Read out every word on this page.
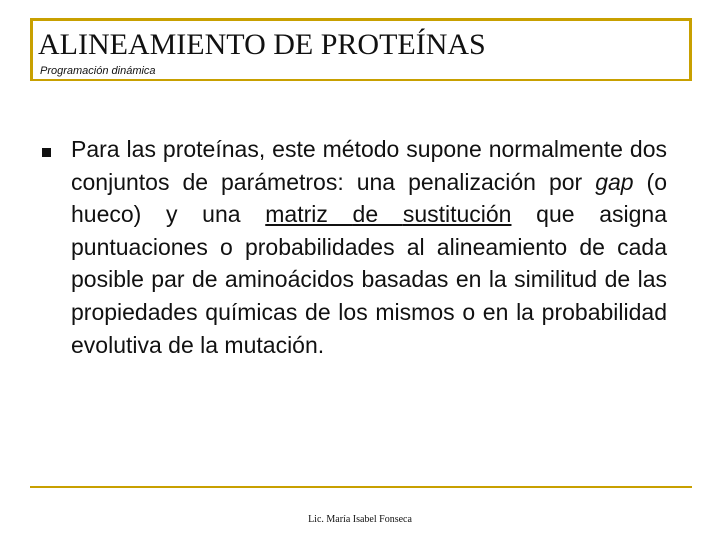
ALINEAMIENTO DE PROTEÍNAS
Programación dinámica

Para las proteínas, este método supone normalmente dos conjuntos de parámetros: una penalización por gap (o hueco) y una matriz de sustitución que asigna puntuaciones o probabilidades al alineamiento de cada posible par de aminoácidos basadas en la similitud de las propiedades químicas de los mismos o en la probabilidad evolutiva de la mutación.

Lic. María Isabel Fonseca
